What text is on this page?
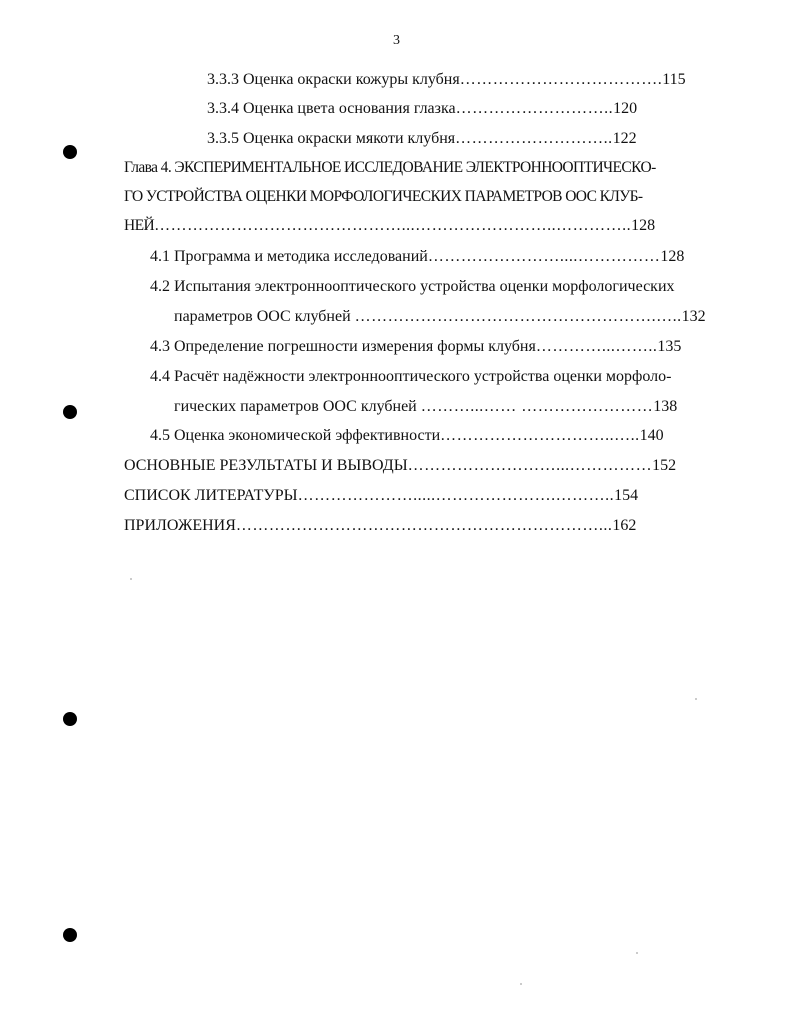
3
3.3.3 Оценка окраски кожуры клубня……………………………….115
3.3.4 Оценка цвета основания глазка………………………..120
3.3.5 Оценка окраски мякоти клубня………………………..122
Глава 4. ЭКСПЕРИМЕНТАЛЬНОЕ ИССЛЕДОВАНИЕ ЭЛЕКТРОННООПТИЧЕСКО-
ГО УСТРОЙСТВА ОЦЕНКИ МОРФОЛОГИЧЕСКИХ ПАРАМЕТРОВ ООС КЛУБ-
НЕЙ………………………………………...……………………..…………..128
4.1 Программа и методика исследований……………………....……………128
4.2 Испытания электроннооптического устройства оценки морфологических
параметров ООС клубней ……………………………………………….…..132
4.3 Определение погрешности измерения формы клубня…………...……..135
4.4 Расчёт надёжности электроннооптического устройства оценки морфоло-
гических параметров ООС клубней ………...…… ……………………138
4.5 Оценка экономической эффективности…………………………..…..140
ОСНОВНЫЕ РЕЗУЛЬТАТЫ И ВЫВОДЫ………………………...……………152
СПИСОК ЛИТЕРАТУРЫ………………….....………………….………..154
ПРИЛОЖЕНИЯ…………………………………………………………...162
